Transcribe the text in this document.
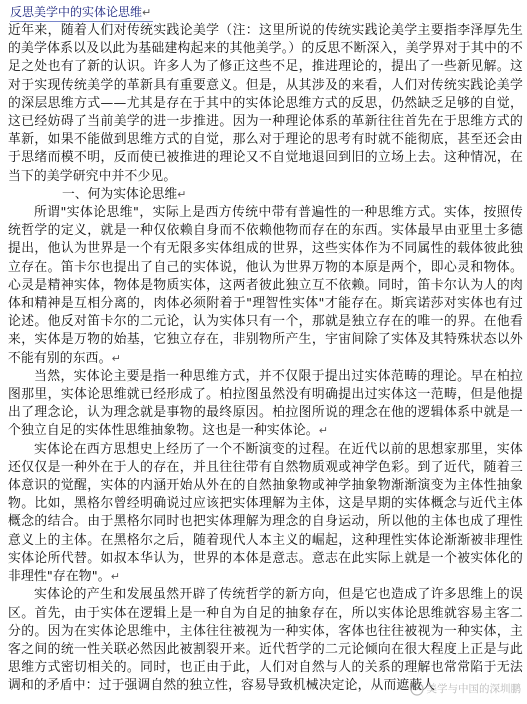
反思美学中的实体论思维↵

近年来，随着人们对传统实践论美学（注：这里所说的传统实践论美学主要指李泽厚先生的美学体系以及以此为基础建构起来的其他美学。）的反思不断深入，美学界对于其中的不足之处也有了新的认识。许多人为了修正这些不足，推进理论的，提出了一些新见解。这对于实现传统美学的革新具有重要意义。但是，从其涉及的来看，人们对传统实践论美学的深层思维方式——尤其是存在于其中的实体论思维方式的反思，仍然缺乏足够的自觉，这已经妨碍了当前美学的进一步推进。因为一种理论体系的革新往往首先在于思维方式的革新，如果不能做到思维方式的自觉，那么对于理论的思考有时就不能彻底，甚至还会由于思绪而模不明，反而使已被推进的理论又不自觉地退回到旧的立场上去。这种情况，在当下的美学研究中并不少见。

一、何为实体论思维↵

所谓"实体论思维"，实际上是西方传统中带有普遍性的一种思维方式。实体，按照传统哲学的定义，就是一种仅依赖自身而不依赖他物而存在的东西。实体最早由亚里士多德提出，他认为世界是一个有无限多实体组成的世界，这些实体作为不同属性的载体彼此独立存在。笛卡尔也提出了自己的实体说，他认为世界万物的本原是两个，即心灵和物体。心灵是精神实体，物体是物质实体，这两者彼此独立互不依赖。同时，笛卡尔认为人的肉体和精神是互相分离的，肉体必须附着于"理智性实体"才能存在。斯宾诺莎对实体也有过论述。他反对笛卡尔的二元论，认为实体只有一个，那就是独立存在的唯一的界。在他看来，实体是万物的始基，它独立存在，非别物所产生，宇宙间除了实体及其特殊状态以外不能有别的东西。↵

当然，实体论主要是指一种思维方式，并不仅限于提出过实体范畴的理论。早在柏拉图那里，实体论思维就已经形成了。柏拉图虽然没有明确提出过实体这一范畴，但是他提出了理念论，认为理念就是事物的最终原因。柏拉图所说的理念在他的逻辑体系中就是一个独立自足的实体性思维抽象物。这也是一种实体论。↵

实体论在西方思想史上经历了一个不断演变的过程。在近代以前的思想家那里，实体还仅仅是一种外在于人的存在，并且往往带有自然物质观或神学色彩。到了近代，随着三体意识的觉醒，实体的内涵开始从外在的自然抽象物或神学抽象物渐渐演变为主体性抽象物。比如，黑格尔曾经明确说过应该把实体理解为主体，这是早期的实体概念与近代主体概念的结合。由于黑格尔同时也把实体理解为理念的自身运动，所以他的主体也成了理性意义上的主体。在黑格尔之后，随着现代人本主义的崛起，这种理性实体论渐渐被非理性实体论所代替。如叔本华认为，世界的本体是意志。意志在此实际上就是一个被实体化的非理性"存在物"。↵

实体论的产生和发展虽然开辟了传统哲学的新方向，但是它也造成了许多思维上的误区。首先，由于实体在逻辑上是一种自为自足的抽象存在，所以实体论思维就容易主客二分的。因为在实体论思维中，主体往往被视为一种实体，客体也往往被视为一种实体，主客之间的统一性关联必然因此被割裂开来。近代哲学的二元论倾向在很大程度上正是与此思维方式密切相关的。同时，也正由于此，人们对自然与人的关系的理解也常常陷于无法调和的矛盾中：过于强调自然的独立性，容易导致机械决定论，从而遮蔽人

美学与中国的深圳鹏
